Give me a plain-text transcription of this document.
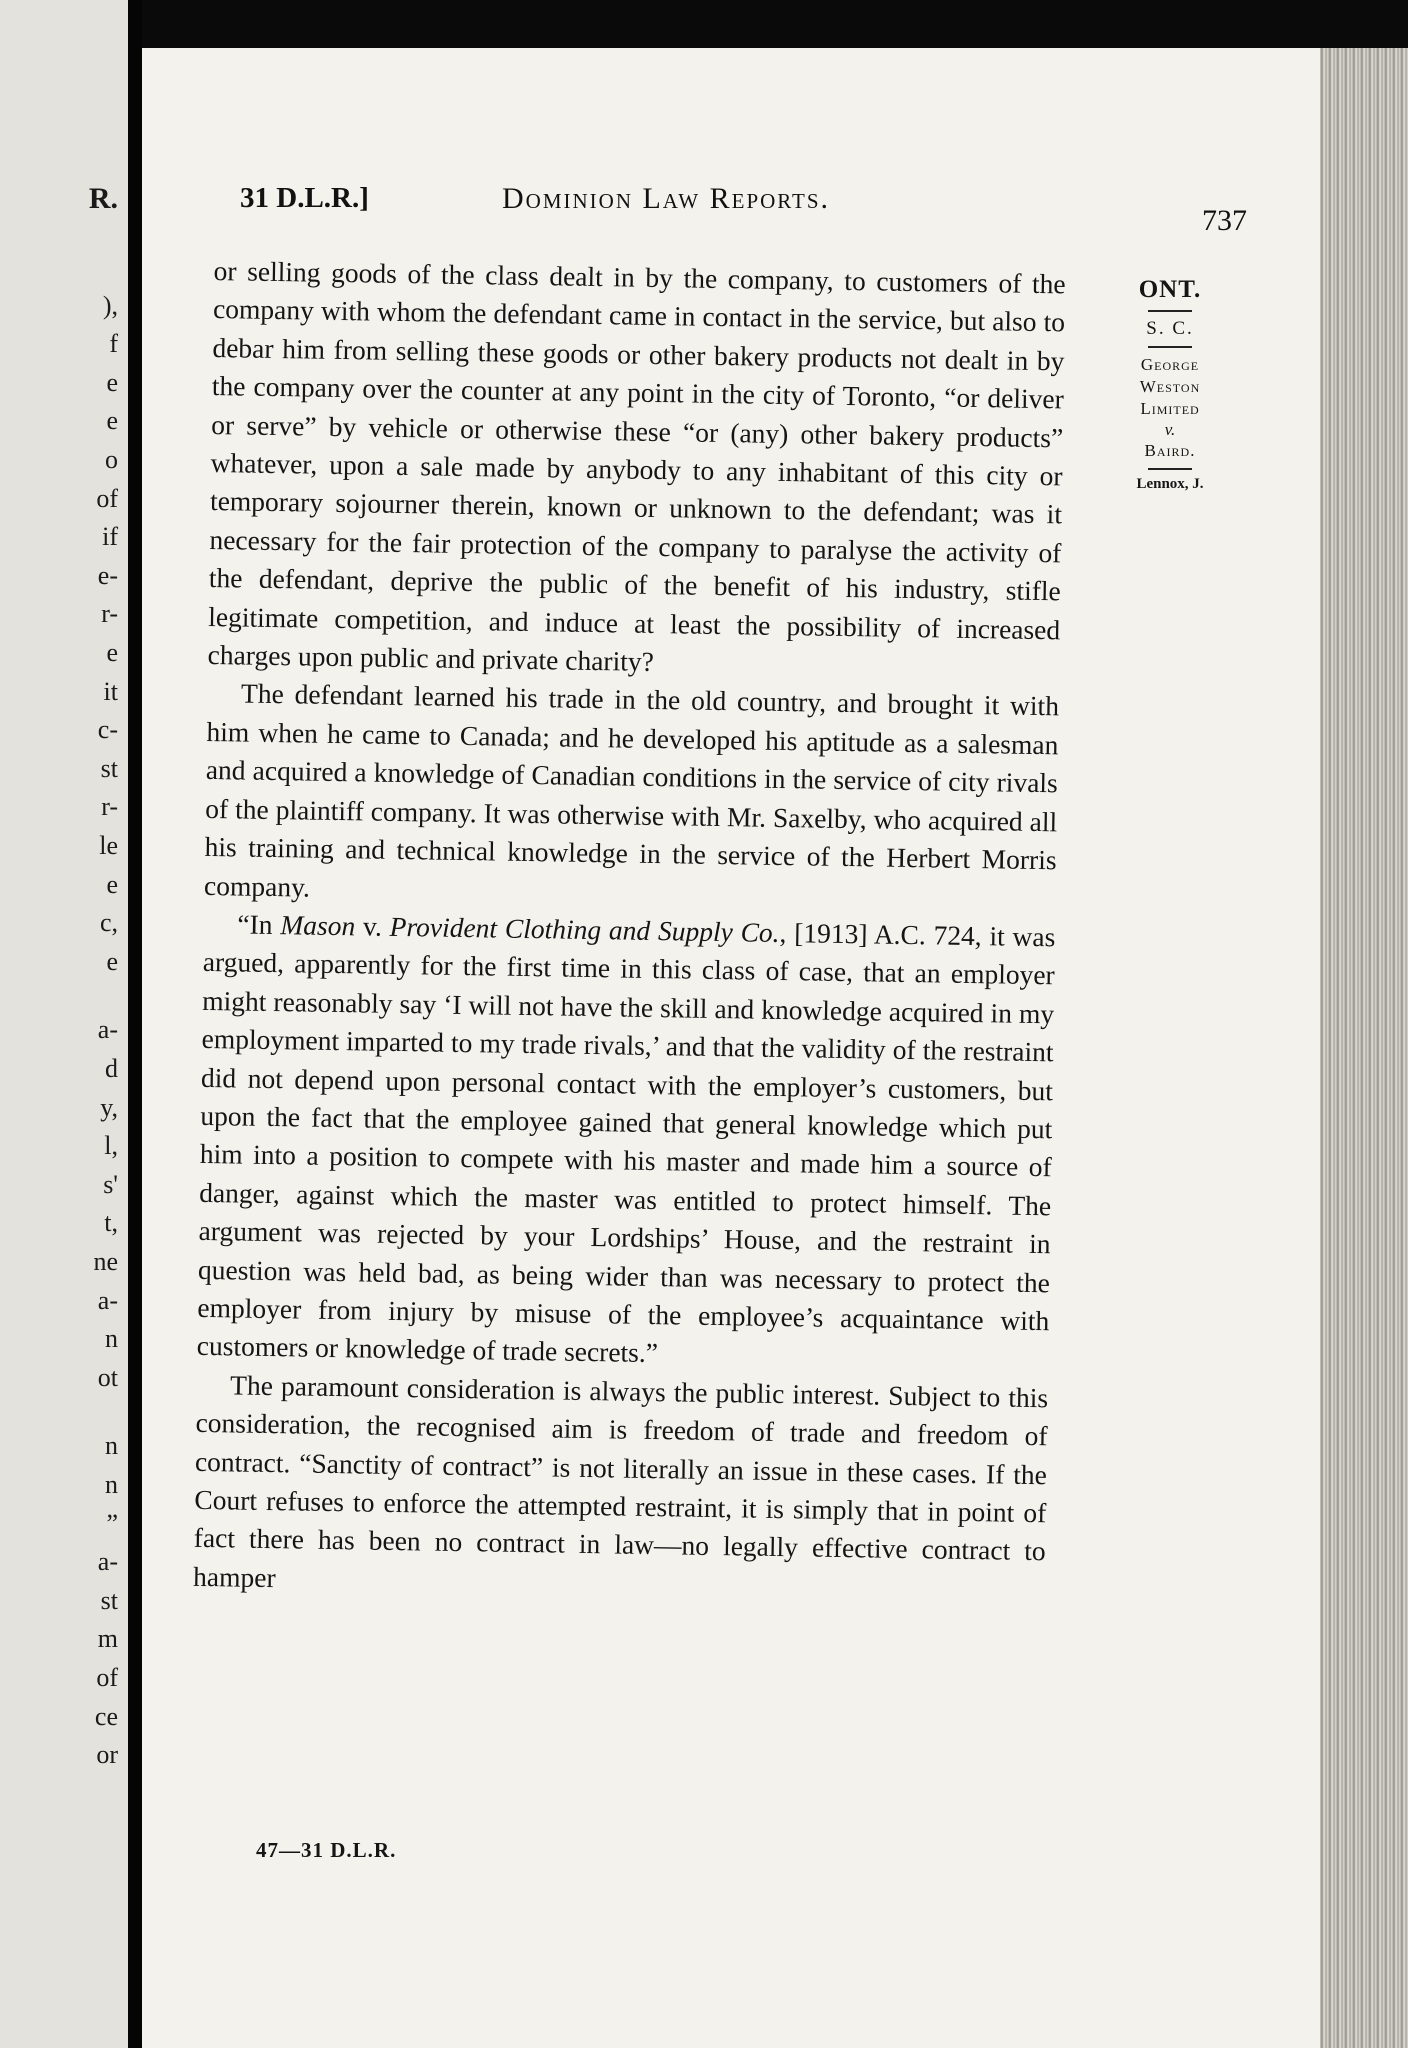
R.
),
f
e
e
o
of
if
e-
r-
e
it
c-
st
r-
le
e
c,
e
a-
d
y,
l,
s'
t,
ne
a-
n
ot
n
n
”
a-
st
m
of
ce
or
31 D.L.R.]	Dominion Law Reports.
737

or selling goods of the class dealt in by the company, to customers of the company with whom the defendant came in contact in the service, but also to debar him from selling these goods or other bakery products not dealt in by the company over the counter at any point in the city of Toronto, “or deliver or serve” by vehicle or otherwise these “or (any) other bakery products” whatever, upon a sale made by anybody to any inhabitant of this city or temporary sojourner therein, known or unknown to the defendant; was it necessary for the fair protection of the company to paralyse the activity of the defendant, deprive the public of the benefit of his industry, stifle legitimate competition, and induce at least the possibility of increased charges upon public and private charity?

The defendant learned his trade in the old country, and brought it with him when he came to Canada; and he developed his aptitude as a salesman and acquired a knowledge of Canadian conditions in the service of city rivals of the plaintiff company. It was otherwise with Mr. Saxelby, who acquired all his training and technical knowledge in the service of the Herbert Morris company.

“In Mason v. Provident Clothing and Supply Co., [1913] A.C. 724, it was argued, apparently for the first time in this class of case, that an employer might reasonably say ‘I will not have the skill and knowledge acquired in my employment imparted to my trade rivals,’ and that the validity of the restraint did not depend upon personal contact with the employer’s customers, but upon the fact that the employee gained that general knowledge which put him into a position to compete with his master and made him a source of danger, against which the master was entitled to protect himself. The argument was rejected by your Lordships’ House, and the restraint in question was held bad, as being wider than was necessary to protect the employer from injury by misuse of the employee’s acquaintance with customers or knowledge of trade secrets.”

The paramount consideration is always the public interest. Subject to this consideration, the recognised aim is freedom of trade and freedom of contract. “Sanctity of contract” is not literally an issue in these cases. If the Court refuses to enforce the attempted restraint, it is simply that in point of fact there has been no contract in law—no legally effective contract to hamper

ONT.
S. C.
George
Weston
Limited
v.
Baird.
Lennox, J.
47—31 D.L.R.
